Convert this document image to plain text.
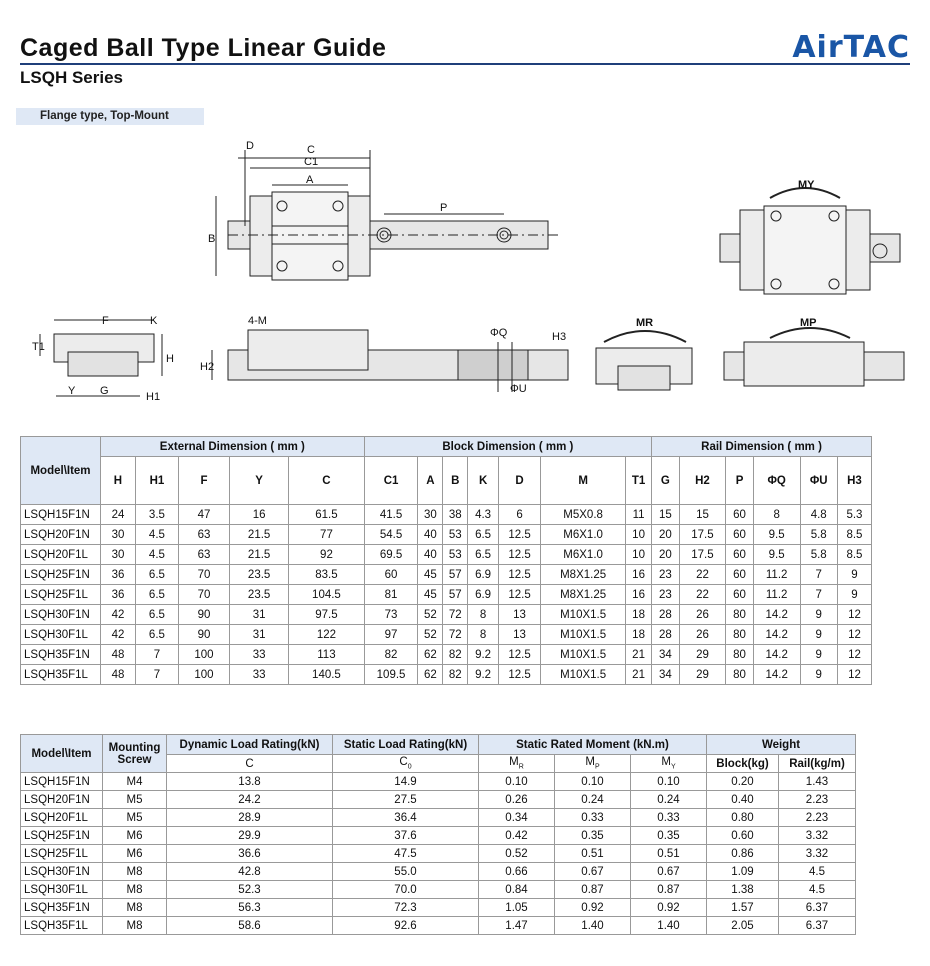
Caged Ball Type Linear Guide
LSQH Series
AirTAC
Flange type, Top-Mount
D	C
C1
A
B
P
MY
F	K
T1
H
Y G	H1
4-M
H2
ΦQ
ΦU
H3
MR	MP
Model\Item	External Dimension ( mm )					Block Dimension ( mm )							Rail Dimension ( mm )					
	H	H1	F	Y	C	C1	A	B	K	D	M	T1	G	H2	P	ΦQ	ΦU	H3
LSQH15F1N	24	3.5	47	16	61.5	41.5	30	38	4.3	6	M5X0.8	11	15	15	60	8	4.8	5.3
LSQH20F1N	30	4.5	63	21.5	77	54.5	40	53	6.5	12.5	M6X1.0	10	20	17.5	60	9.5	5.8	8.5
LSQH20F1L	30	4.5	63	21.5	92	69.5	40	53	6.5	12.5	M6X1.0	10	20	17.5	60	9.5	5.8	8.5
LSQH25F1N	36	6.5	70	23.5	83.5	60	45	57	6.9	12.5	M8X1.25	16	23	22	60	11.2	7	9
LSQH25F1L	36	6.5	70	23.5	104.5	81	45	57	6.9	12.5	M8X1.25	16	23	22	60	11.2	7	9
LSQH30F1N	42	6.5	90	31	97.5	73	52	72	8	13	M10X1.5	18	28	26	80	14.2	9	12
LSQH30F1L	42	6.5	90	31	122	97	52	72	8	13	M10X1.5	18	28	26	80	14.2	9	12
LSQH35F1N	48	7	100	33	113	82	62	82	9.2	12.5	M10X1.5	21	34	29	80	14.2	9	12
LSQH35F1L	48	7	100	33	140.5	109.5	62	82	9.2	12.5	M10X1.5	21	34	29	80	14.2	9	12
Model\Item	Mounting Screw	Dynamic Load Rating(kN)	Static Load Rating(kN)	Static Rated Moment (kN.m)			Weight	
		C	$C_0$	$M_R$	$M_P$	$M_Y$	Block(kg)	Rail(kg/m)
LSQH15F1N	M4	13.8	14.9	0.10	0.10	0.10	0.20	1.43
LSQH20F1N	M5	24.2	27.5	0.26	0.24	0.24	0.40	2.23
LSQH20F1L	M5	28.9	36.4	0.34	0.33	0.33	0.80	2.23
LSQH25F1N	M6	29.9	37.6	0.42	0.35	0.35	0.60	3.32
LSQH25F1L	M6	36.6	47.5	0.52	0.51	0.51	0.86	3.32
LSQH30F1N	M8	42.8	55.0	0.66	0.67	0.67	1.09	4.5
LSQH30F1L	M8	52.3	70.0	0.84	0.87	0.87	1.38	4.5
LSQH35F1N	M8	56.3	72.3	1.05	0.92	0.92	1.57	6.37
LSQH35F1L	M8	58.6	92.6	1.47	1.40	1.40	2.05	6.37
